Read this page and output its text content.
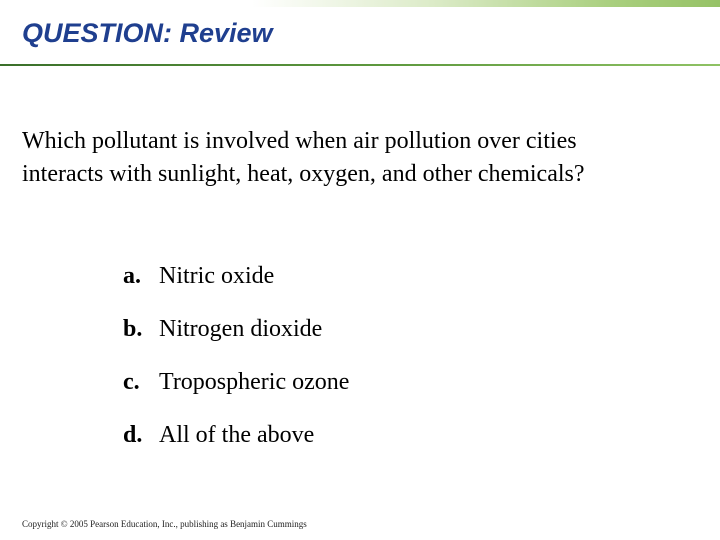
QUESTION: Review

Which pollutant is involved when air pollution over cities
interacts with sunlight, heat, oxygen, and other chemicals?

a. Nitric oxide
b. Nitrogen dioxide
c. Tropospheric ozone
d. All of the above
Copyright © 2005 Pearson Education, Inc., publishing as Benjamin Cummings
